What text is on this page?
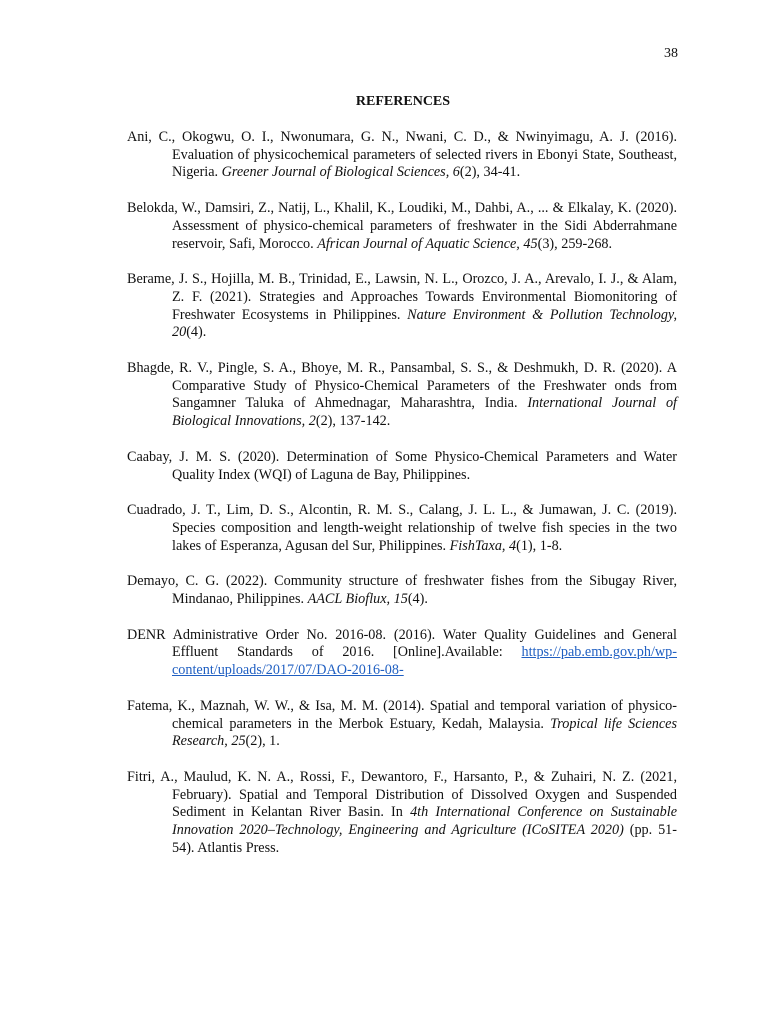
38
REFERENCES
Ani, C., Okogwu, O. I., Nwonumara, G. N., Nwani, C. D., & Nwinyimagu, A. J. (2016). Evaluation of physicochemical parameters of selected rivers in Ebonyi State, Southeast, Nigeria. Greener Journal of Biological Sciences, 6(2), 34-41.
Belokda, W., Damsiri, Z., Natij, L., Khalil, K., Loudiki, M., Dahbi, A., ... & Elkalay, K. (2020). Assessment of physico-chemical parameters of freshwater in the Sidi Abderrahmane reservoir, Safi, Morocco. African Journal of Aquatic Science, 45(3), 259-268.
Berame, J. S., Hojilla, M. B., Trinidad, E., Lawsin, N. L., Orozco, J. A., Arevalo, I. J., & Alam, Z. F. (2021). Strategies and Approaches Towards Environmental Biomonitoring of Freshwater Ecosystems in Philippines. Nature Environment & Pollution Technology, 20(4).
Bhagde, R. V., Pingle, S. A., Bhoye, M. R., Pansambal, S. S., & Deshmukh, D. R. (2020). A Comparative Study of Physico-Chemical Parameters of the Freshwater onds from Sangamner Taluka of Ahmednagar, Maharashtra, India. International Journal of Biological Innovations, 2(2), 137-142.
Caabay, J. M. S. (2020). Determination of Some Physico-Chemical Parameters and Water Quality Index (WQI) of Laguna de Bay, Philippines.
Cuadrado, J. T., Lim, D. S., Alcontin, R. M. S., Calang, J. L. L., & Jumawan, J. C. (2019). Species composition and length-weight relationship of twelve fish species in the two lakes of Esperanza, Agusan del Sur, Philippines. FishTaxa, 4(1), 1-8.
Demayo, C. G. (2022). Community structure of freshwater fishes from the Sibugay River, Mindanao, Philippines. AACL Bioflux, 15(4).
DENR Administrative Order No. 2016-08. (2016). Water Quality Guidelines and General Effluent Standards of 2016. [Online].Available: https://pab.emb.gov.ph/wp-content/uploads/2017/07/DAO-2016-08-
Fatema, K., Maznah, W. W., & Isa, M. M. (2014). Spatial and temporal variation of physico-chemical parameters in the Merbok Estuary, Kedah, Malaysia. Tropical life Sciences Research, 25(2), 1.
Fitri, A., Maulud, K. N. A., Rossi, F., Dewantoro, F., Harsanto, P., & Zuhairi, N. Z. (2021, February). Spatial and Temporal Distribution of Dissolved Oxygen and Suspended Sediment in Kelantan River Basin. In 4th International Conference on Sustainable Innovation 2020–Technology, Engineering and Agriculture (ICoSITEA 2020) (pp. 51-54). Atlantis Press.
